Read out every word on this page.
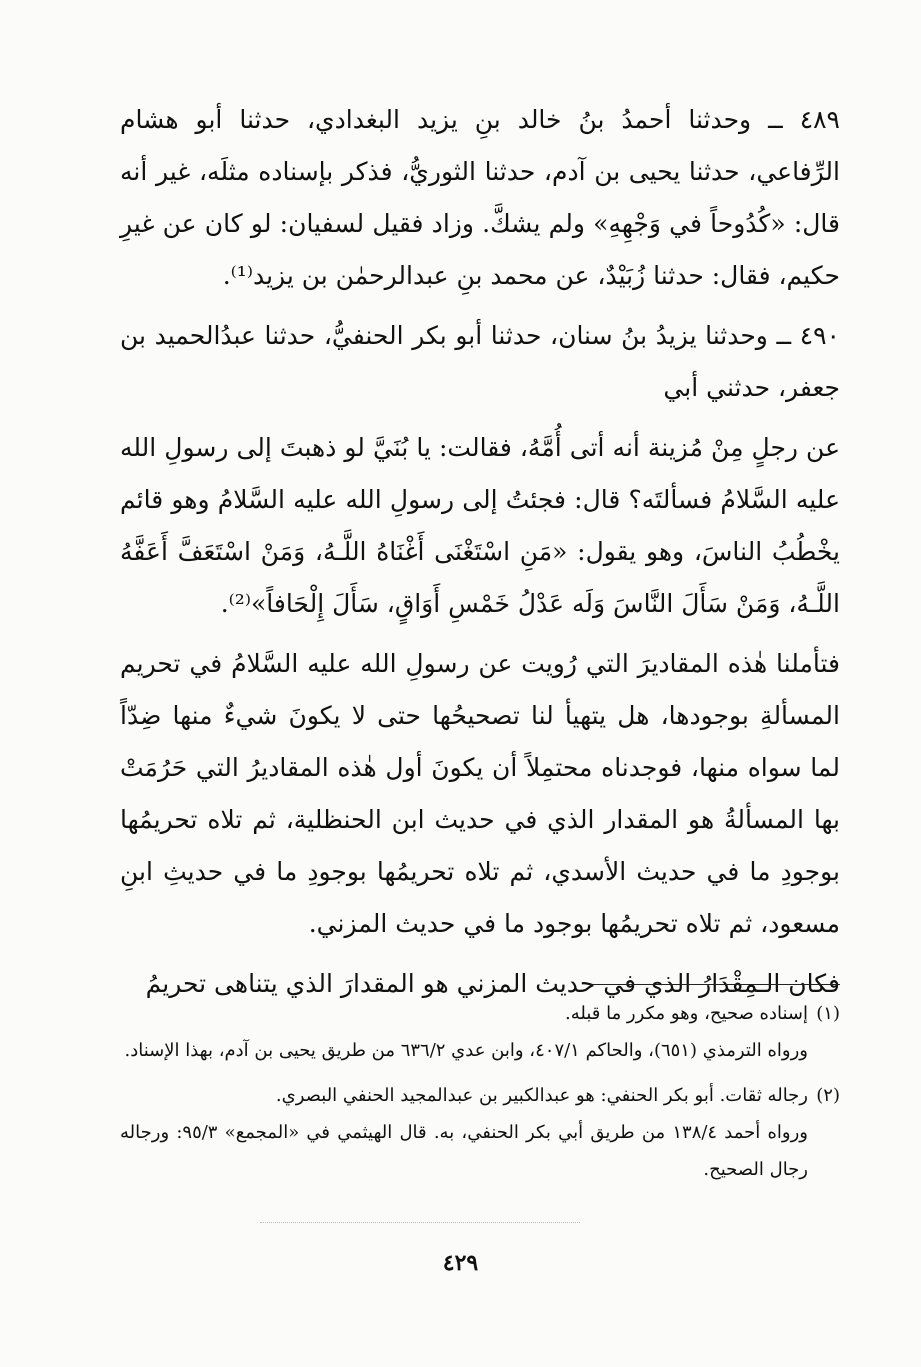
٤٨٩ ــ وحدثنا أحمدُ بنُ خالد بنِ يزيد البغدادي، حدثنا أبو هشام الرِّفاعي، حدثنا يحيى بن آدم، حدثنا الثوريُّ، فذكر بإسناده مثلَه، غير أنه قال: «كُدُوحاً في وَجْهِهِ» ولم يشكَّ. وزاد فقيل لسفيان: لو كان عن غيرِ حكيم، فقال: حدثنا زُبَيْدٌ، عن محمد بنِ عبدالرحمٰن بن يزيد⁽¹⁾.

٤٩٠ ــ وحدثنا يزيدُ بنُ سنان، حدثنا أبو بكر الحنفيُّ، حدثنا عبدُالحميد بن جعفر، حدثني أبي

عن رجلٍ مِنْ مُزينة أنه أتى أُمَّهُ، فقالت: يا بُنَيَّ لو ذهبتَ إلى رسولِ الله عليه السَّلامُ فسألتَه؟ قال: فجئتُ إلى رسولِ الله عليه السَّلامُ وهو قائم يخْطُبُ الناسَ، وهو يقول: «مَنِ اسْتَغْنَى أَغْنَاهُ اللَّـهُ، وَمَنْ اسْتَعَفَّ أَعَفَّهُ اللَّـهُ، وَمَنْ سَأَلَ النَّاسَ وَلَه عَدْلُ خَمْسِ أَوَاقٍ، سَأَلَ إِلْحَافاً»⁽²⁾.

فتأملنا هٰذه المقاديرَ التي رُويت عن رسولِ الله عليه السَّلامُ في تحريم المسألةِ بوجودها، هل يتهيأ لنا تصحيحُها حتى لا يكونَ شيءٌ منها ضِدّاً لما سواه منها، فوجدناه محتمِلاً أن يكونَ أول هٰذه المقاديرُ التي حَرُمَتْ بها المسألةُ هو المقدار الذي في حديث ابن الحنظلية، ثم تلاه تحريمُها بوجودِ ما في حديث الأسدي، ثم تلاه تحريمُها بوجودِ ما في حديثِ ابنِ مسعود، ثم تلاه تحريمُها بوجود ما في حديث المزني.

فكان الـمِقْدَارُ الذي في حديث المزني هو المقدارَ الذي يتناهى تحريمُ

(١)
إسناده صحيح، وهو مكرر ما قبله.
ورواه الترمذي (٦٥١)، والحاكم ٤٠٧/١، وابن عدي ٦٣٦/٢ من طريق يحيى بن آدم، بهذا الإسناد.
(٢)
رجاله ثقات. أبو بكر الحنفي: هو عبدالكبير بن عبدالمجيد الحنفي البصري.
ورواه أحمد ١٣٨/٤ من طريق أبي بكر الحنفي، به. قال الهيثمي في «المجمع» ٩٥/٣: ورجاله رجال الصحيح.
٤٢٩
